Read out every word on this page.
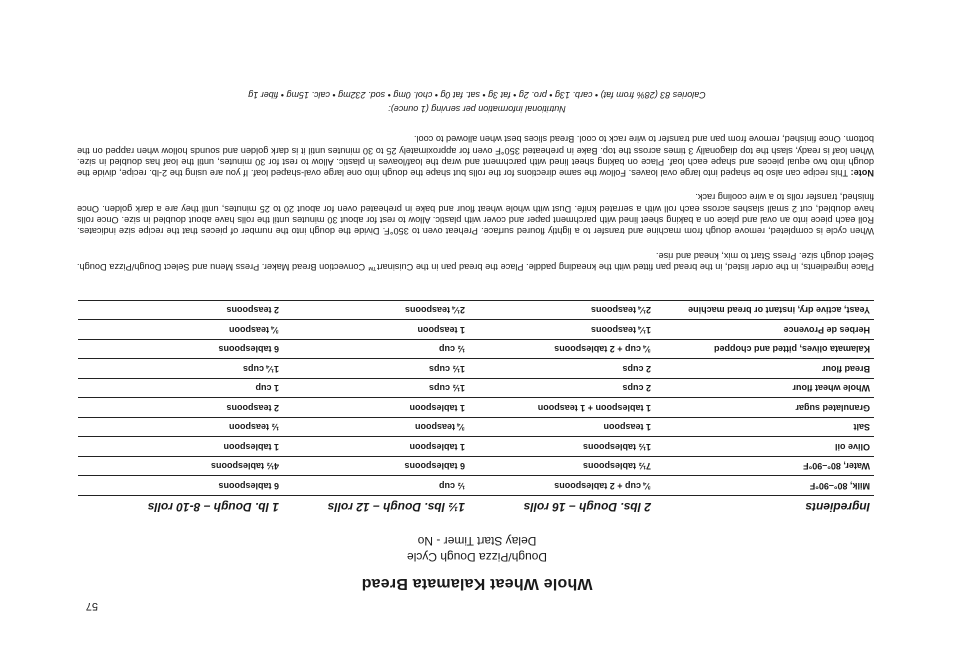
57
Whole Wheat Kalamata Bread
Dough/Pizza Dough Cycle
Delay Start Timer - No
Ingredients	2 lbs. Dough – 16 rolls	1½ lbs. Dough – 12 rolls	1 lb. Dough – 8-10 rolls
Milk, 80°–90°F	¾ cup + 2 tablespoons	½ cup	6 tablespoons
Water, 80°–90°F	7½ tablespoons	6 tablespoons	4½ tablespoons
Olive oil	1½ tablespoons	1 tablespoon	1 tablespoon
Salt	1 teaspoon	¾ teaspoon	½ teaspoon
Granulated sugar	1 tablespoon + 1 teaspoon	1 tablespoon	2 teaspoons
Whole wheat flour	2 cups	1½ cups	1 cup
Bread flour	2 cups	1½ cups	1¼ cups
Kalamata olives, pitted and chopped	¾ cup + 2 tablespoons	½ cup	6 tablespoons
Herbes de Provence	1¼ teaspoons	1 teaspoon	¾ teaspoon
Yeast, active dry, instant or bread machine	2¼ teaspoons	2¼ teaspoons	2 teaspoons
Place ingredients, in the order listed, in the bread pan fitted with the kneading paddle. Place the bread pan in the Cuisinart™ Convection Bread Maker. Press Menu and Select Dough/Pizza Dough. Select dough size. Press Start to mix, knead and rise.
When cycle is completed, remove dough from machine and transfer to a lightly floured surface. Preheat oven to 350°F. Divide the dough into the number of pieces that the recipe size indicates. Roll each piece into an oval and place on a baking sheet lined with parchment paper and cover with plastic. Allow to rest for about 30 minutes until the rolls have about doubled in size. Once rolls have doubled, cut 2 small slashes across each roll with a serrated knife. Dust with whole wheat flour and bake in preheated oven for about 20 to 25 minutes, until they are a dark golden. Once finished, transfer rolls to a wire cooling rack.
Note: This recipe can also be shaped into large oval loaves. Follow the same directions for the rolls but shape the dough into one large oval-shaped loaf. If you are using the 2-lb. recipe, divide the dough into two equal pieces and shape each loaf. Place on baking sheet lined with parchment and wrap the loaf/loaves in plastic. Allow to rest for 30 minutes, until the loaf has doubled in size. When loaf is ready, slash the top diagonally 3 times across the top. Bake in preheated 350°F oven for approximately 25 to 30 minutes until it is dark golden and sounds hollow when rapped on the bottom. Once finished, remove from pan and transfer to wire rack to cool. Bread slices best when allowed to cool.
Nutritional information per serving (1 ounce):
Calories 83 (28% from fat) • carb. 13g • pro. 2g • fat 3g • sat. fat 0g • chol. 0mg • sod. 232mg • calc. 15mg • fiber 1g
